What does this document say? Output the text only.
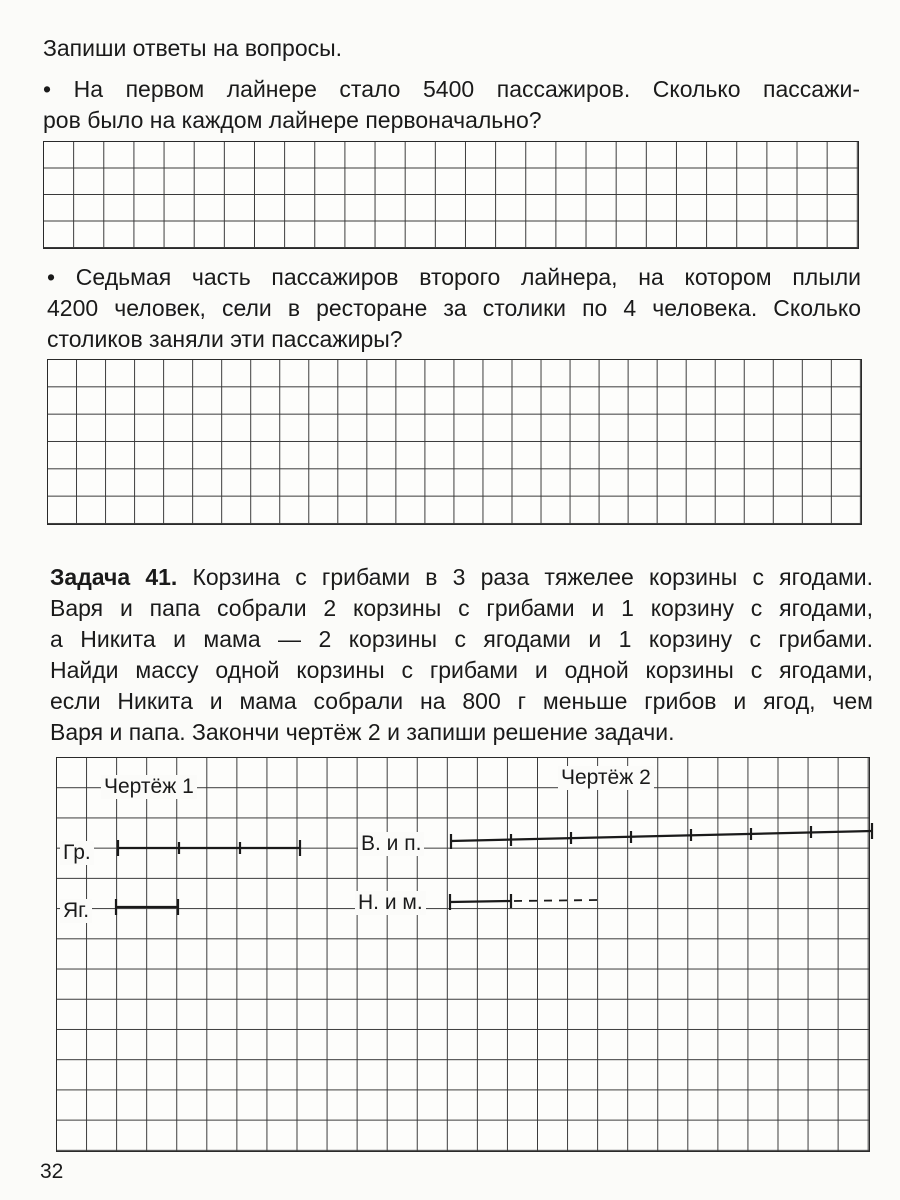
Запиши ответы на вопросы.
• На первом лайнере стало 5400 пассажиров. Сколько пассажи-
ров было на каждом лайнере первоначально?
• Седьмая часть пассажиров второго лайнера, на котором плыли
4200 человек, сели в ресторане за столики по 4 человека. Сколько
столиков заняли эти пассажиры?
Задача 41. Корзина с грибами в 3 раза тяжелее корзины с ягодами.
Варя и папа собрали 2 корзины с грибами и 1 корзину с ягодами,
а Никита и мама — 2 корзины с ягодами и 1 корзину с грибами.
Найди массу одной корзины с грибами и одной корзины с ягодами,
если Никита и мама собрали на 800 г меньше грибов и ягод, чем
Варя и папа. Закончи чертёж 2 и запиши решение задачи.
Чертёж 1	Чертёж 2
Гр.
Яг.
В. и п.
Н. и м.
32
